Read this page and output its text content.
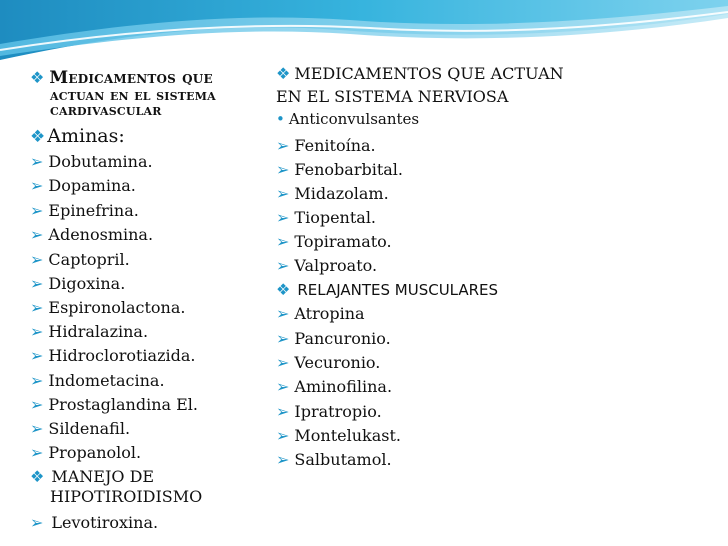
❖ Medicamentos que
actuan en el sistema
cardivascular
❖ Aminas:
➢ Dobutamina.
➢ Dopamina.
➢ Epinefrina.
➢ Adenosmina.
➢ Captopril.
➢ Digoxina.
➢ Espironolactona.
➢ Hidralazina.
➢ Hidroclorotiazida.
➢ Indometacina.
➢ Prostaglandina El.
➢ Sildenafil.
➢ Propanolol.
❖ MANEJO DE
HIPOTIROIDISMO
➢ Levotiroxina.
❖ MEDICAMENTOS QUE ACTUAN
EN EL SISTEMA NERVIOSA
• Anticonvulsantes
➢ Fenitoína.
➢ Fenobarbital.
➢ Midazolam.
➢ Tiopental.
➢ Topiramato.
➢ Valproato.
❖ RELAJANTES MUSCULARES
➢ Atropina
➢ Pancuronio.
➢ Vecuronio.
➢ Aminofilina.
➢ Ipratropio.
➢ Montelukast.
➢ Salbutamol.
